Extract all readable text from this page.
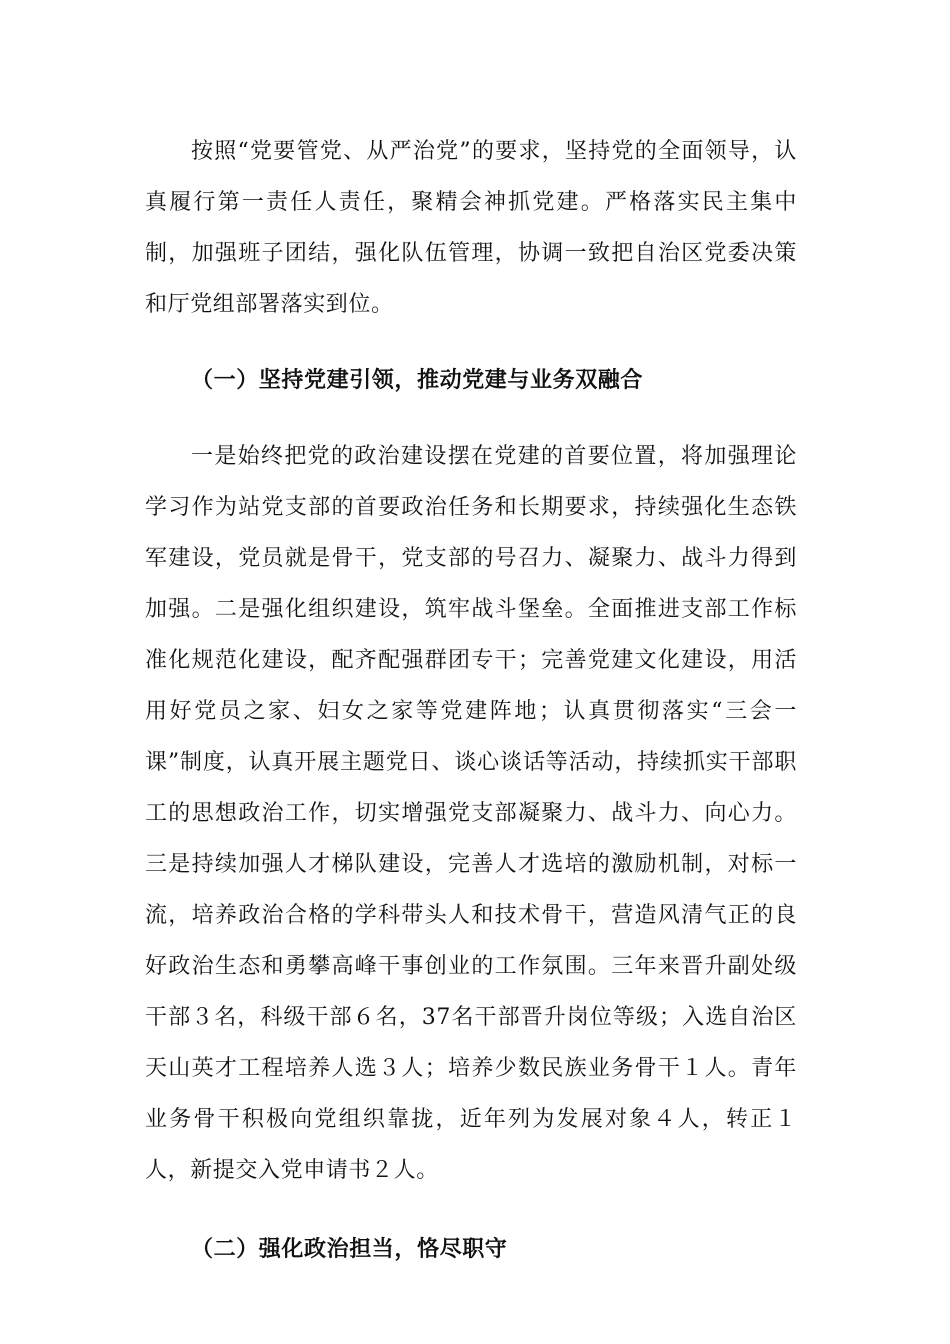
按照“党要管党、从严治党”的要求，坚持党的全面领导，认真履行第一责任人责任，聚精会神抓党建。严格落实民主集中制，加强班子团结，强化队伍管理，协调一致把自治区党委决策和厅党组部署落实到位。

（一）坚持党建引领，推动党建与业务双融合

一是始终把党的政治建设摆在党建的首要位置，将加强理论学习作为站党支部的首要政治任务和长期要求，持续强化生态铁军建设，党员就是骨干，党支部的号召力、凝聚力、战斗力得到加强。二是强化组织建设，筑牢战斗堡垒。全面推进支部工作标准化规范化建设，配齐配强群团专干；完善党建文化建设，用活用好党员之家、妇女之家等党建阵地；认真贯彻落实“三会一课”制度，认真开展主题党日、谈心谈话等活动，持续抓实干部职工的思想政治工作，切实增强党支部凝聚力、战斗力、向心力。三是持续加强人才梯队建设，完善人才选培的激励机制，对标一流，培养政治合格的学科带头人和技术骨干，营造风清气正的良好政治生态和勇攀高峰干事创业的工作氛围。三年来晋升副处级干部３名，科级干部６名，37名干部晋升岗位等级；入选自治区天山英才工程培养人选３人；培养少数民族业务骨干１人。青年业务骨干积极向党组织靠拢，近年列为发展对象４人，转正１人，新提交入党申请书２人。

（二）强化政治担当，恪尽职守
